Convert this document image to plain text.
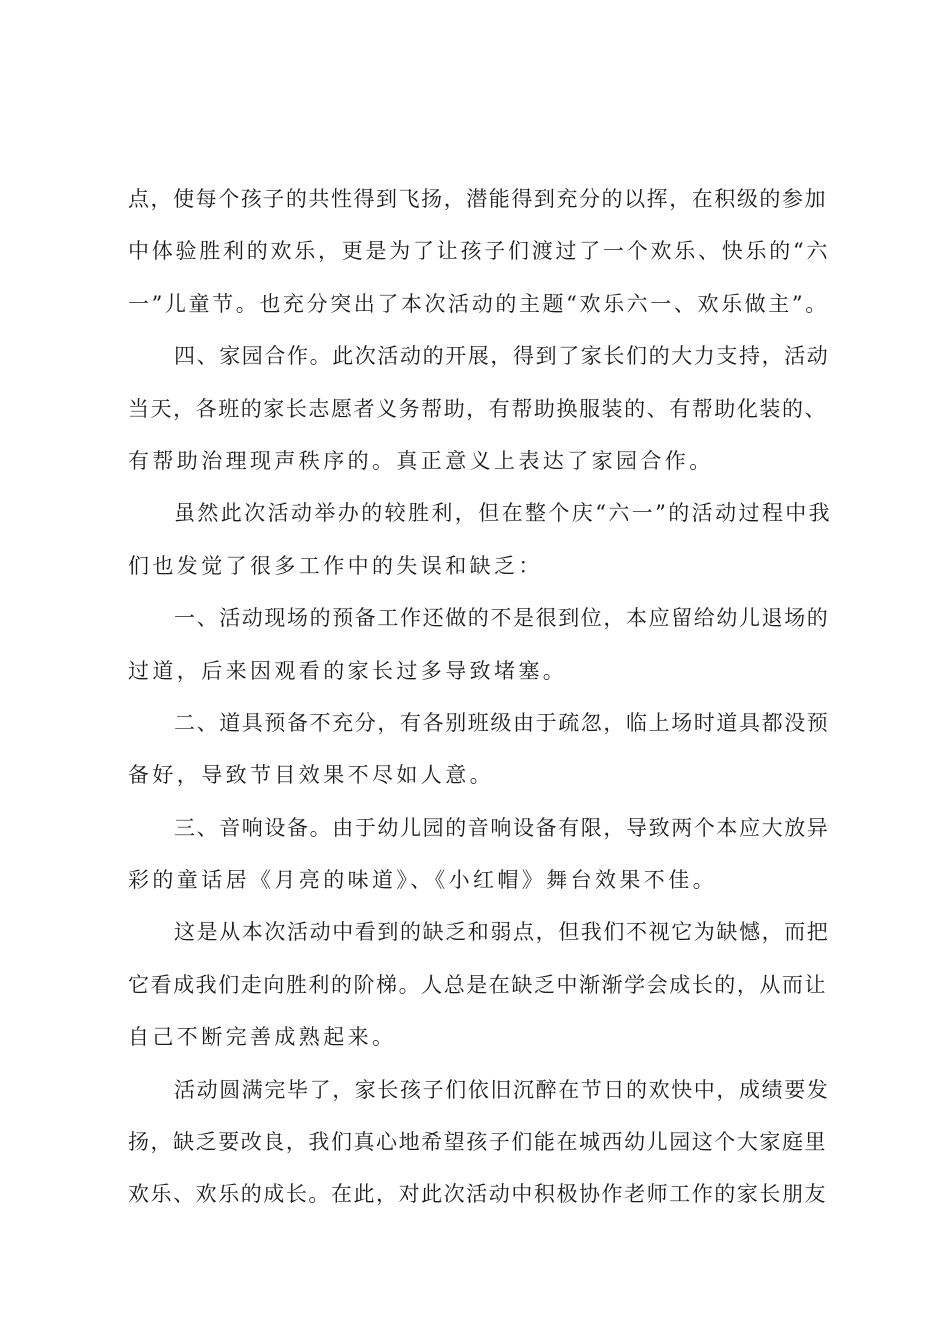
点，使每个孩子的共性得到飞扬，潜能得到充分的以挥，在积级的参加
中体验胜利的欢乐，更是为了让孩子们渡过了一个欢乐、快乐的“六
一”儿童节。也充分突出了本次活动的主题“欢乐六一、欢乐做主”。

四、家园合作。此次活动的开展，得到了家长们的大力支持，活动
当天，各班的家长志愿者义务帮助，有帮助换服装的、有帮助化装的、
有帮助治理现声秩序的。真正意义上表达了家园合作。

虽然此次活动举办的较胜利，但在整个庆“六一”的活动过程中我
们也发觉了很多工作中的失误和缺乏：

一、活动现场的预备工作还做的不是很到位，本应留给幼儿退场的
过道，后来因观看的家长过多导致堵塞。

二、道具预备不充分，有各别班级由于疏忽，临上场时道具都没预
备好，导致节目效果不尽如人意。

三、音响设备。由于幼儿园的音响设备有限，导致两个本应大放异
彩的童话居《月亮的味道》、《小红帽》舞台效果不佳。

这是从本次活动中看到的缺乏和弱点，但我们不视它为缺憾，而把
它看成我们走向胜利的阶梯。人总是在缺乏中渐渐学会成长的，从而让
自己不断完善成熟起来。

活动圆满完毕了，家长孩子们依旧沉醉在节日的欢快中，成绩要发
扬，缺乏要改良，我们真心地希望孩子们能在城西幼儿园这个大家庭里
欢乐、欢乐的成长。在此，对此次活动中积极协作老师工作的家长朋友
